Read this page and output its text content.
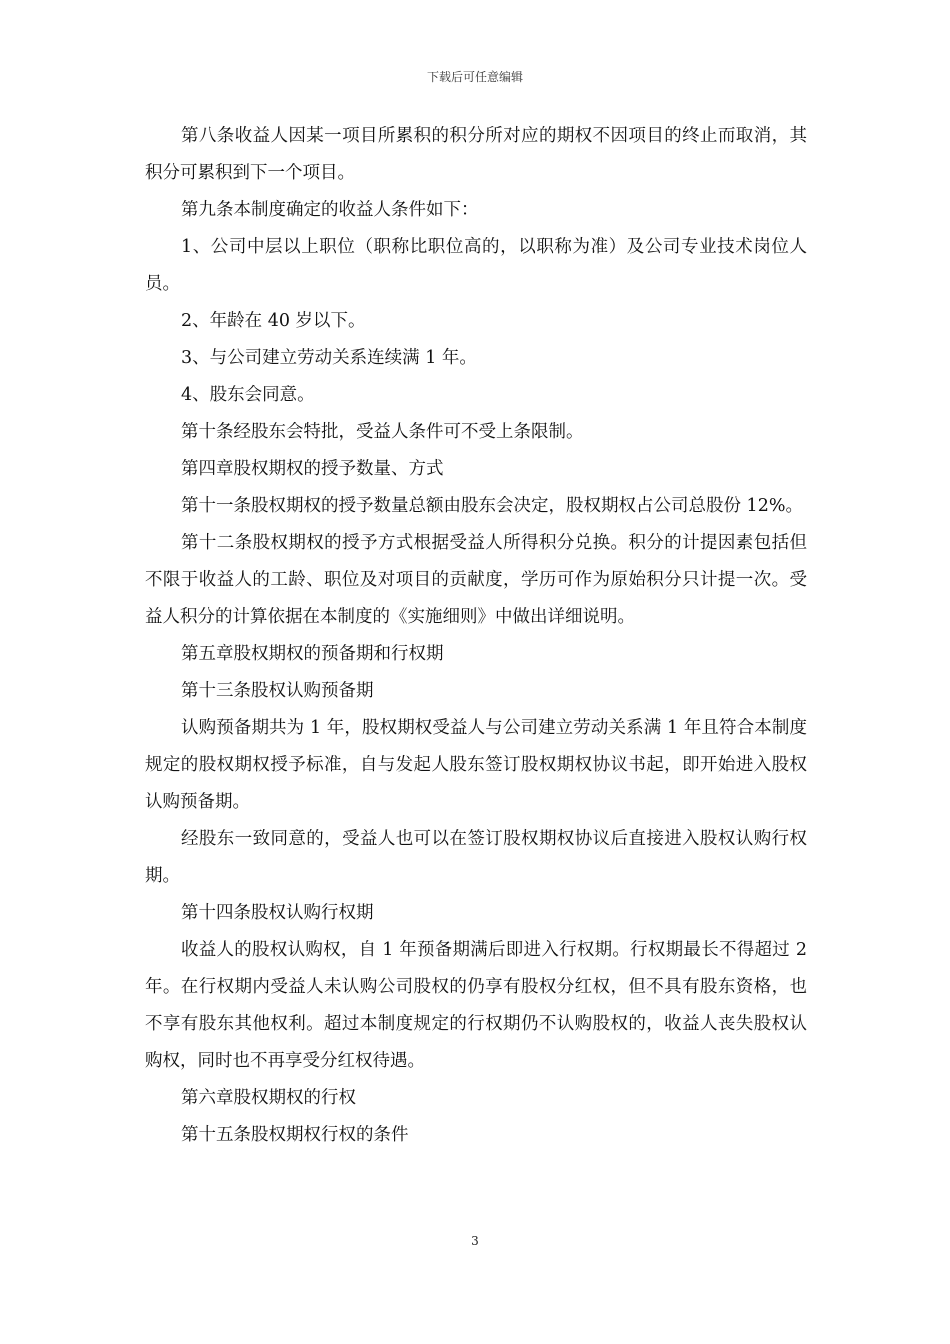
下载后可任意编辑

第八条收益人因某一项目所累积的积分所对应的期权不因项目的终止而取消，其积分可累积到下一个项目。

第九条本制度确定的收益人条件如下：

1、公司中层以上职位（职称比职位高的，以职称为准）及公司专业技术岗位人员。

2、年龄在 40 岁以下。

3、与公司建立劳动关系连续满 1 年。

4、股东会同意。

第十条经股东会特批，受益人条件可不受上条限制。

第四章股权期权的授予数量、方式

第十一条股权期权的授予数量总额由股东会决定，股权期权占公司总股份 12%。

第十二条股权期权的授予方式根据受益人所得积分兑换。积分的计提因素包括但不限于收益人的工龄、职位及对项目的贡献度，学历可作为原始积分只计提一次。受益人积分的计算依据在本制度的《实施细则》中做出详细说明。

第五章股权期权的预备期和行权期

第十三条股权认购预备期

认购预备期共为 1 年，股权期权受益人与公司建立劳动关系满 1 年且符合本制度规定的股权期权授予标准，自与发起人股东签订股权期权协议书起，即开始进入股权认购预备期。

经股东一致同意的，受益人也可以在签订股权期权协议后直接进入股权认购行权期。

第十四条股权认购行权期

收益人的股权认购权，自 1 年预备期满后即进入行权期。行权期最长不得超过 2 年。在行权期内受益人未认购公司股权的仍享有股权分红权，但不具有股东资格，也不享有股东其他权利。超过本制度规定的行权期仍不认购股权的，收益人丧失股权认购权，同时也不再享受分红权待遇。

第六章股权期权的行权

第十五条股权期权行权的条件

3
